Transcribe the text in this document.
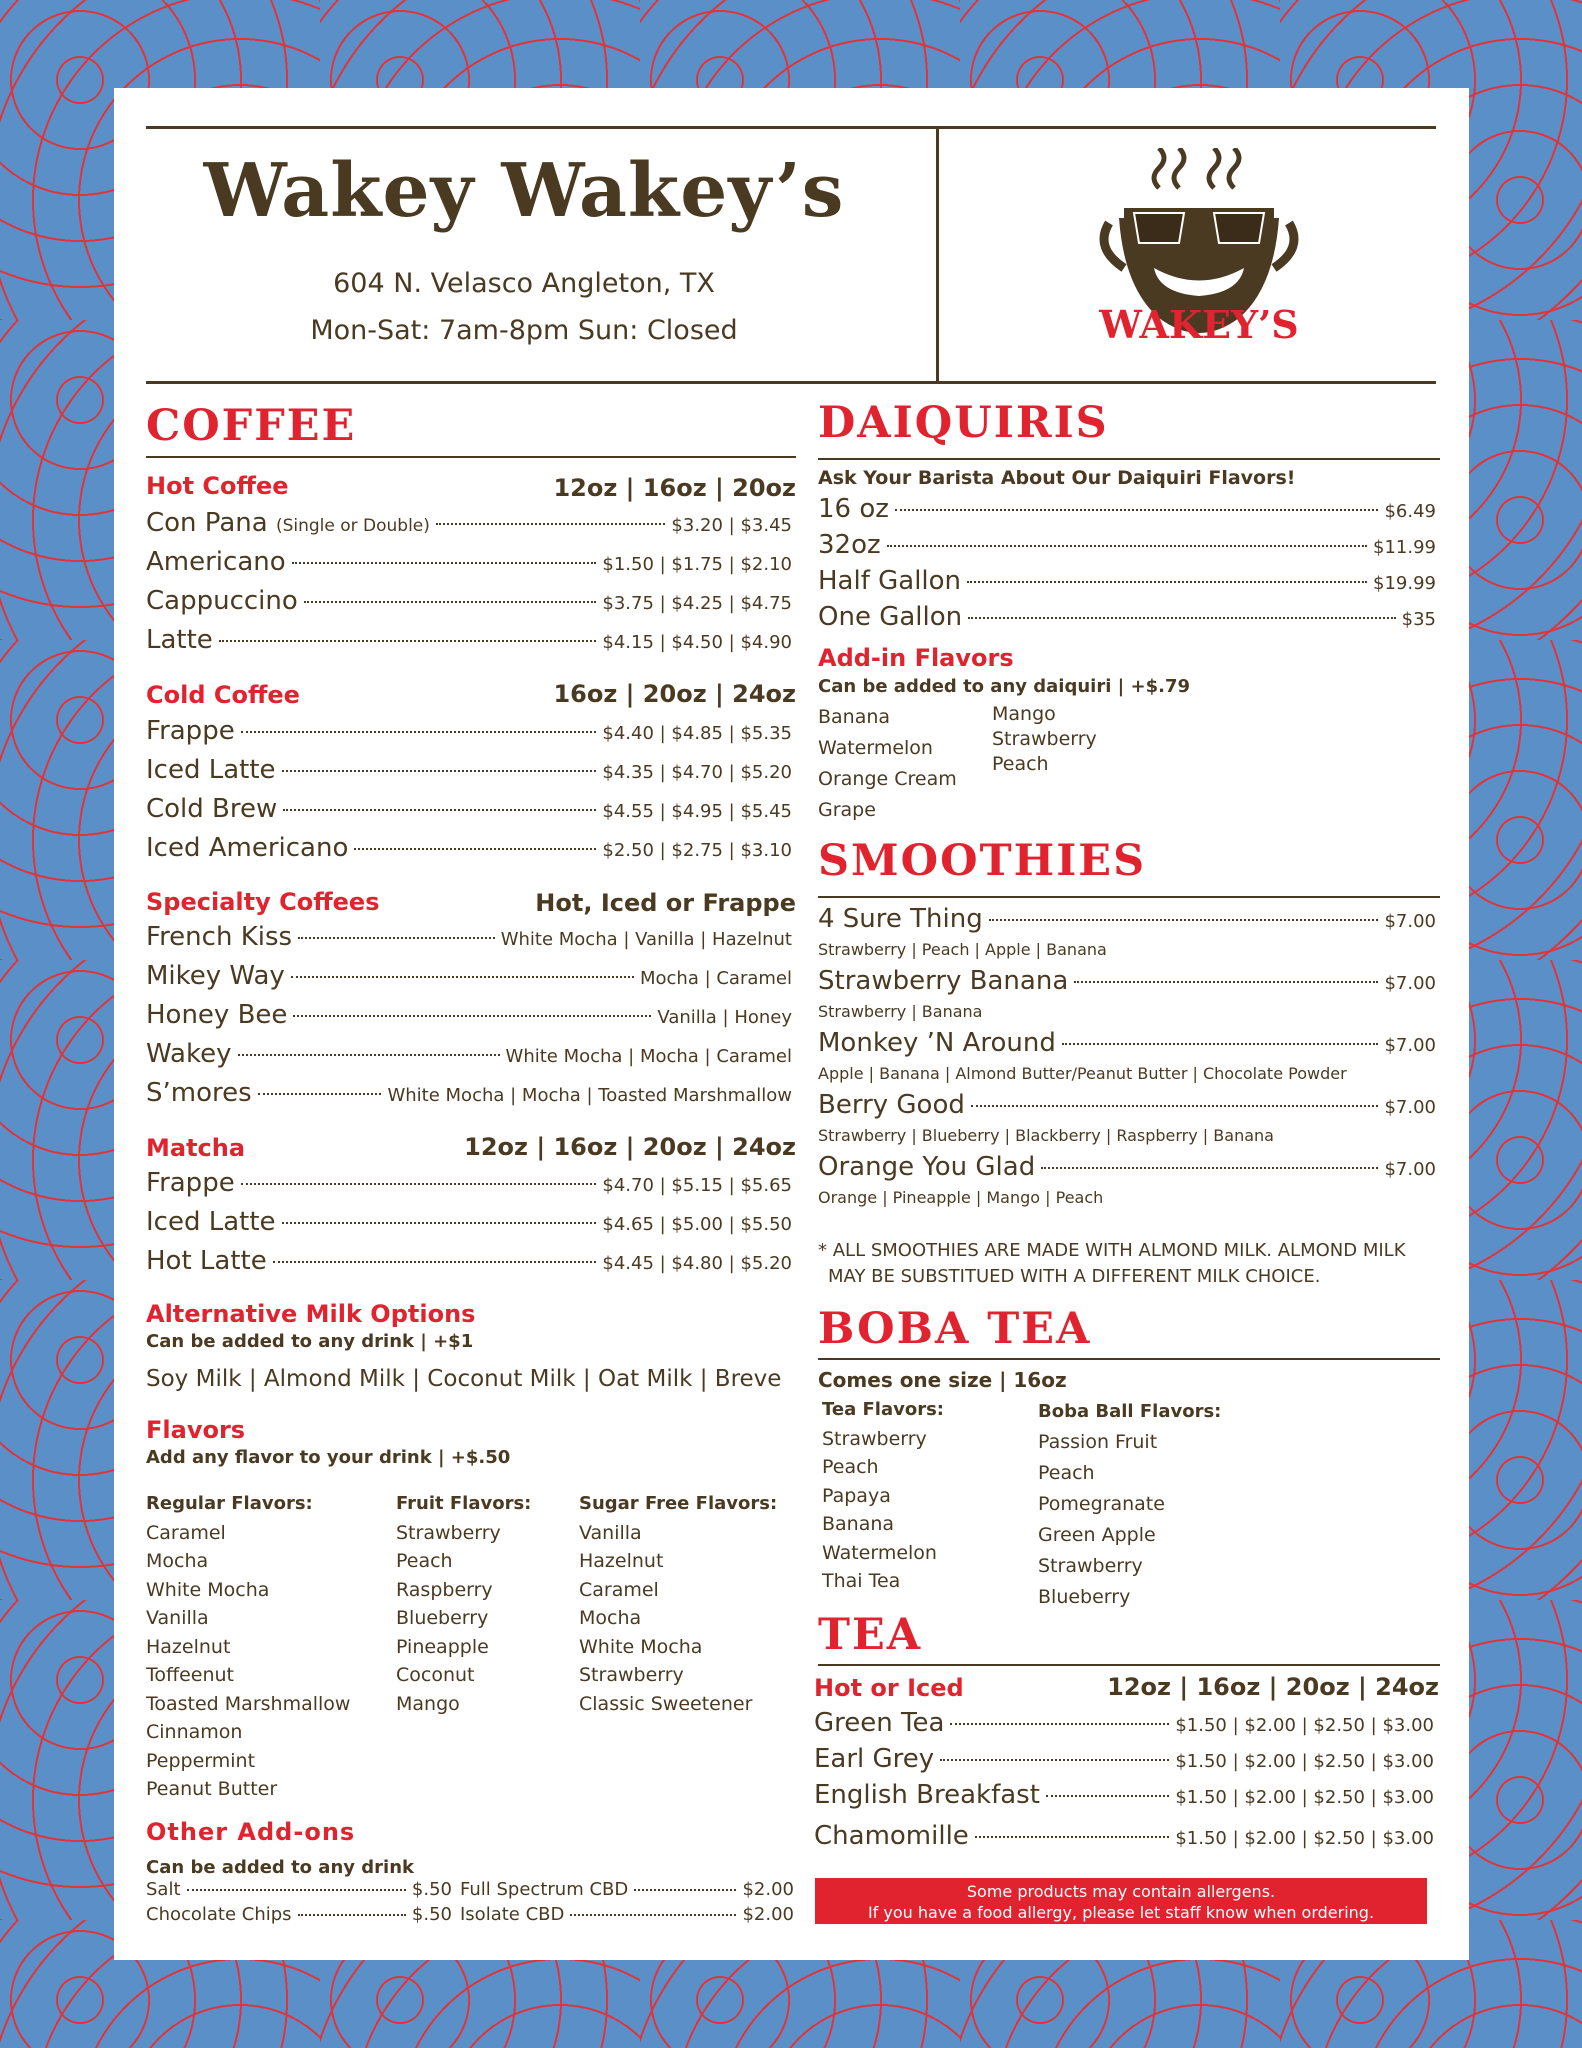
Wakey Wakey’s
604 N. Velasco Angleton, TX
Mon-Sat: 7am-8pm Sun: Closed	WAKEY’S
COFFEE
Hot Coffee	12oz | 16oz | 20oz
Con Pana (Single or Double)	$3.20 | $3.45
Americano	$1.50 | $1.75 | $2.10
Cappuccino	$3.75 | $4.25 | $4.75
Latte	$4.15 | $4.50 | $4.90
Cold Coffee	16oz | 20oz | 24oz
Frappe	$4.40 | $4.85 | $5.35
Iced Latte	$4.35 | $4.70 | $5.20
Cold Brew	$4.55 | $4.95 | $5.45
Iced Americano	$2.50 | $2.75 | $3.10
Specialty Coffees	Hot, Iced or Frappe
French Kiss	White Mocha | Vanilla | Hazelnut
Mikey Way	Mocha | Caramel
Honey Bee	Vanilla | Honey
Wakey	White Mocha | Mocha | Caramel
S’mores	White Mocha | Mocha | Toasted Marshmallow
Matcha	12oz | 16oz | 20oz | 24oz
Frappe	$4.70 | $5.15 | $5.65
Iced Latte	$4.65 | $5.00 | $5.50
Hot Latte	$4.45 | $4.80 | $5.20
Alternative Milk Options
Can be added to any drink | +$1
Soy Milk | Almond Milk | Coconut Milk | Oat Milk | Breve
Flavors
Add any flavor to your drink | +$.50
Regular Flavors:
Caramel
Mocha
White Mocha
Vanilla
Hazelnut
Toffeenut
Toasted Marshmallow
Cinnamon
Peppermint
Peanut Butter
Fruit Flavors:
Strawberry
Peach
Raspberry
Blueberry
Pineapple
Coconut
Mango
Sugar Free Flavors:
Vanilla
Hazelnut
Caramel
Mocha
White Mocha
Strawberry
Classic Sweetener
Other Add-ons
Can be added to any drink
Salt	$.50
Chocolate Chips	$.50
Full Spectrum CBD	$2.00
Isolate CBD	$2.00
DAIQUIRIS
Ask Your Barista About Our Daiquiri Flavors!
16 oz	$6.49
32oz	$11.99
Half Gallon	$19.99
One Gallon	$35
Add-in Flavors
Can be added to any daiquiri | +$.79
Banana
Watermelon
Orange Cream
Grape
Mango
Strawberry
Peach
SMOOTHIES
4 Sure Thing	$7.00
Strawberry | Peach | Apple | Banana
Strawberry Banana	$7.00
Strawberry | Banana
Monkey ’N Around	$7.00
Apple | Banana | Almond Butter/Peanut Butter | Chocolate Powder
Berry Good	$7.00
Strawberry | Blueberry | Blackberry | Raspberry | Banana
Orange You Glad	$7.00
Orange | Pineapple | Mango | Peach
* ALL SMOOTHIES ARE MADE WITH ALMOND MILK. ALMOND MILK
MAY BE SUBSTITUED WITH A DIFFERENT MILK CHOICE.
BOBA TEA
Comes one size | 16oz
Tea Flavors:
Strawberry
Peach
Papaya
Banana
Watermelon
Thai Tea
Boba Ball Flavors:
Passion Fruit
Peach
Pomegranate
Green Apple
Strawberry
Blueberry
TEA
Hot or Iced	12oz | 16oz | 20oz | 24oz
Green Tea	$1.50 | $2.00 | $2.50 | $3.00
Earl Grey	$1.50 | $2.00 | $2.50 | $3.00
English Breakfast	$1.50 | $2.00 | $2.50 | $3.00
Chamomille	$1.50 | $2.00 | $2.50 | $3.00
Some products may contain allergens.
If you have a food allergy, please let staff know when ordering.
